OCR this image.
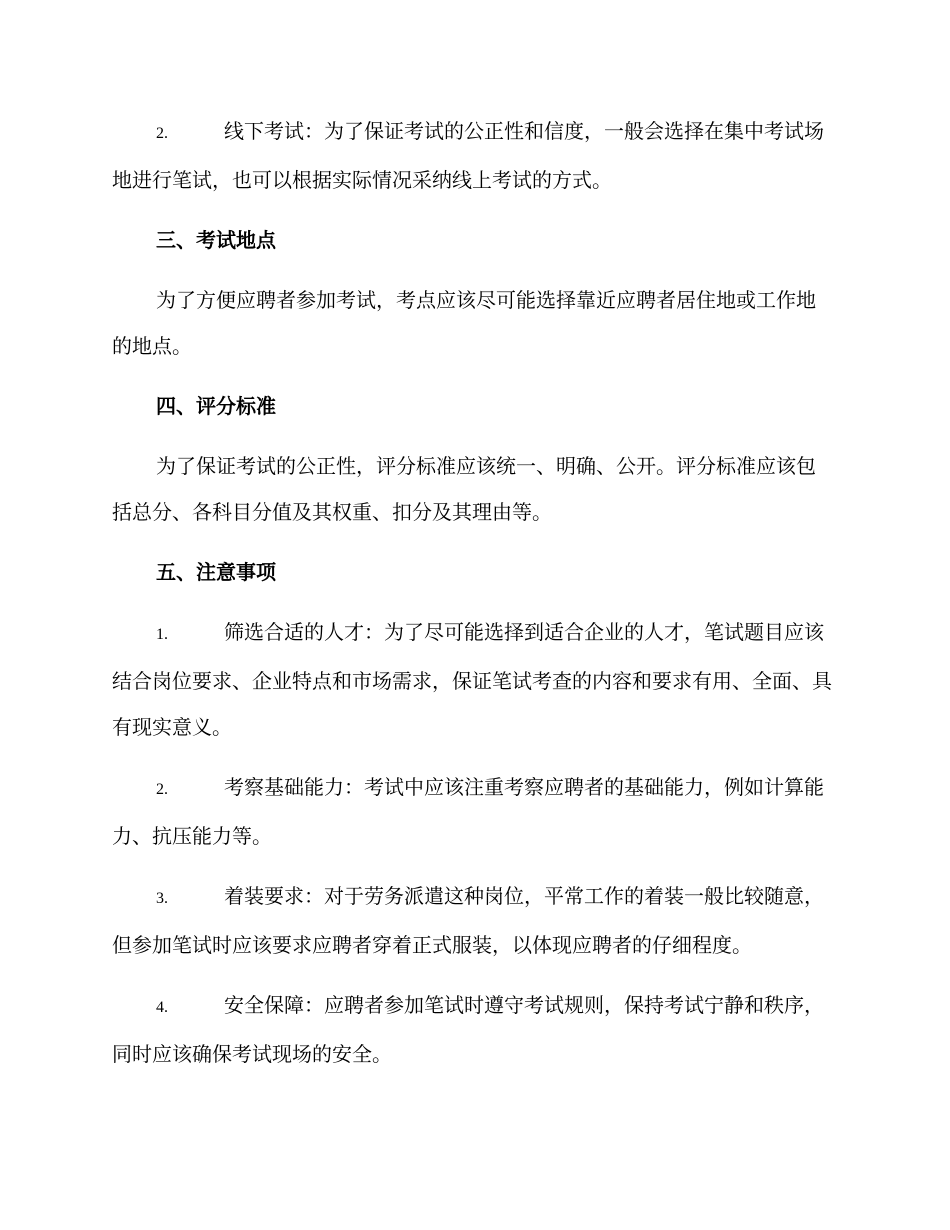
2.	线下考试：为了保证考试的公正性和信度，一般会选择在集中考试场地进行笔试，也可以根据实际情况采纳线上考试的方式。

三、考试地点

为了方便应聘者参加考试，考点应该尽可能选择靠近应聘者居住地或工作地的地点。

四、评分标准

为了保证考试的公正性，评分标准应该统一、明确、公开。评分标准应该包括总分、各科目分值及其权重、扣分及其理由等。

五、注意事项

1.	筛选合适的人才：为了尽可能选择到适合企业的人才，笔试题目应该结合岗位要求、企业特点和市场需求，保证笔试考查的内容和要求有用、全面、具有现实意义。

2.	考察基础能力：考试中应该注重考察应聘者的基础能力，例如计算能力、抗压能力等。

3.	着装要求：对于劳务派遣这种岗位，平常工作的着装一般比较随意，但参加笔试时应该要求应聘者穿着正式服装，以体现应聘者的仔细程度。

4.	安全保障：应聘者参加笔试时遵守考试规则，保持考试宁静和秩序，同时应该确保考试现场的安全。
